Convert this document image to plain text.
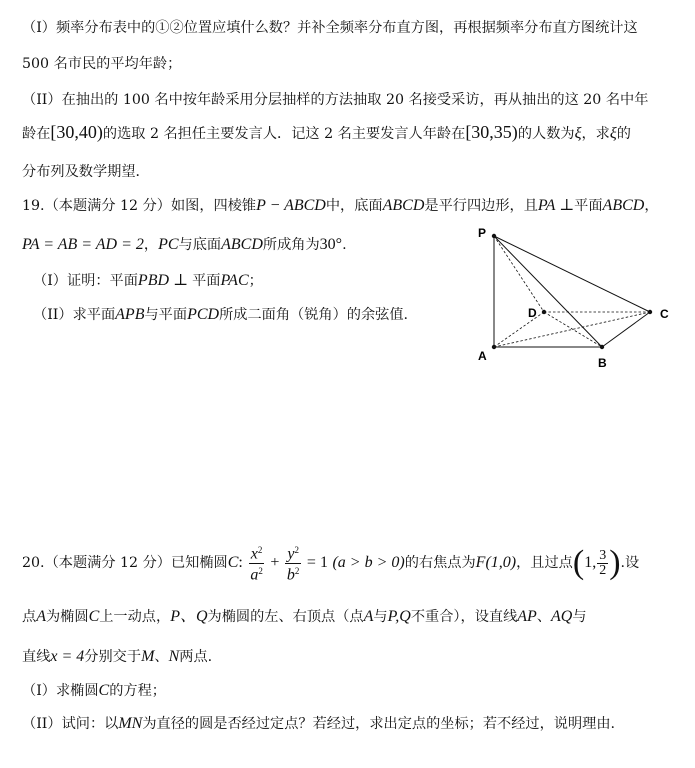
（I）频率分布表中的①②位置应填什么数？并补全频率分布直方图，再根据频率分布直方图统计这
500 名市民的平均年龄；
（II）在抽出的 100 名中按年龄采用分层抽样的方法抽取 20 名接受采访，再从抽出的这 20 名中年
龄在[30,40)的选取 2 名担任主要发言人．记这 2 名主要发言人年龄在[30,35)的人数为ξ，求ξ的
分布列及数学期望．
19.（本题满分 12 分）如图，四棱锥P − ABCD中，底面ABCD是平行四边形，且PA ⊥平面ABCD，
PA = AB = AD = 2，PC与底面ABCD所成角为30°.
（I）证明：平面PBD ⊥ 平面PAC；
（II）求平面APB与平面PCD所成二面角（锐角）的余弦值.
P
A	B
C
D
20.（本题满分 12 分）已知椭圆C: $\frac{x^2}{a^2} + \frac{y^2}{b^2} = 1$ (a > b > 0)的右焦点为F(1,0)，且过点(1, $\frac{3}{2}$ ).设
点A为椭圆C上一动点，P、Q为椭圆的左、右顶点（点A与P,Q不重合），设直线AP、AQ与
直线x = 4分别交于M、N两点.
（I）求椭圆C的方程；
（II）试问：以MN为直径的圆是否经过定点？若经过，求出定点的坐标；若不经过，说明理由.
